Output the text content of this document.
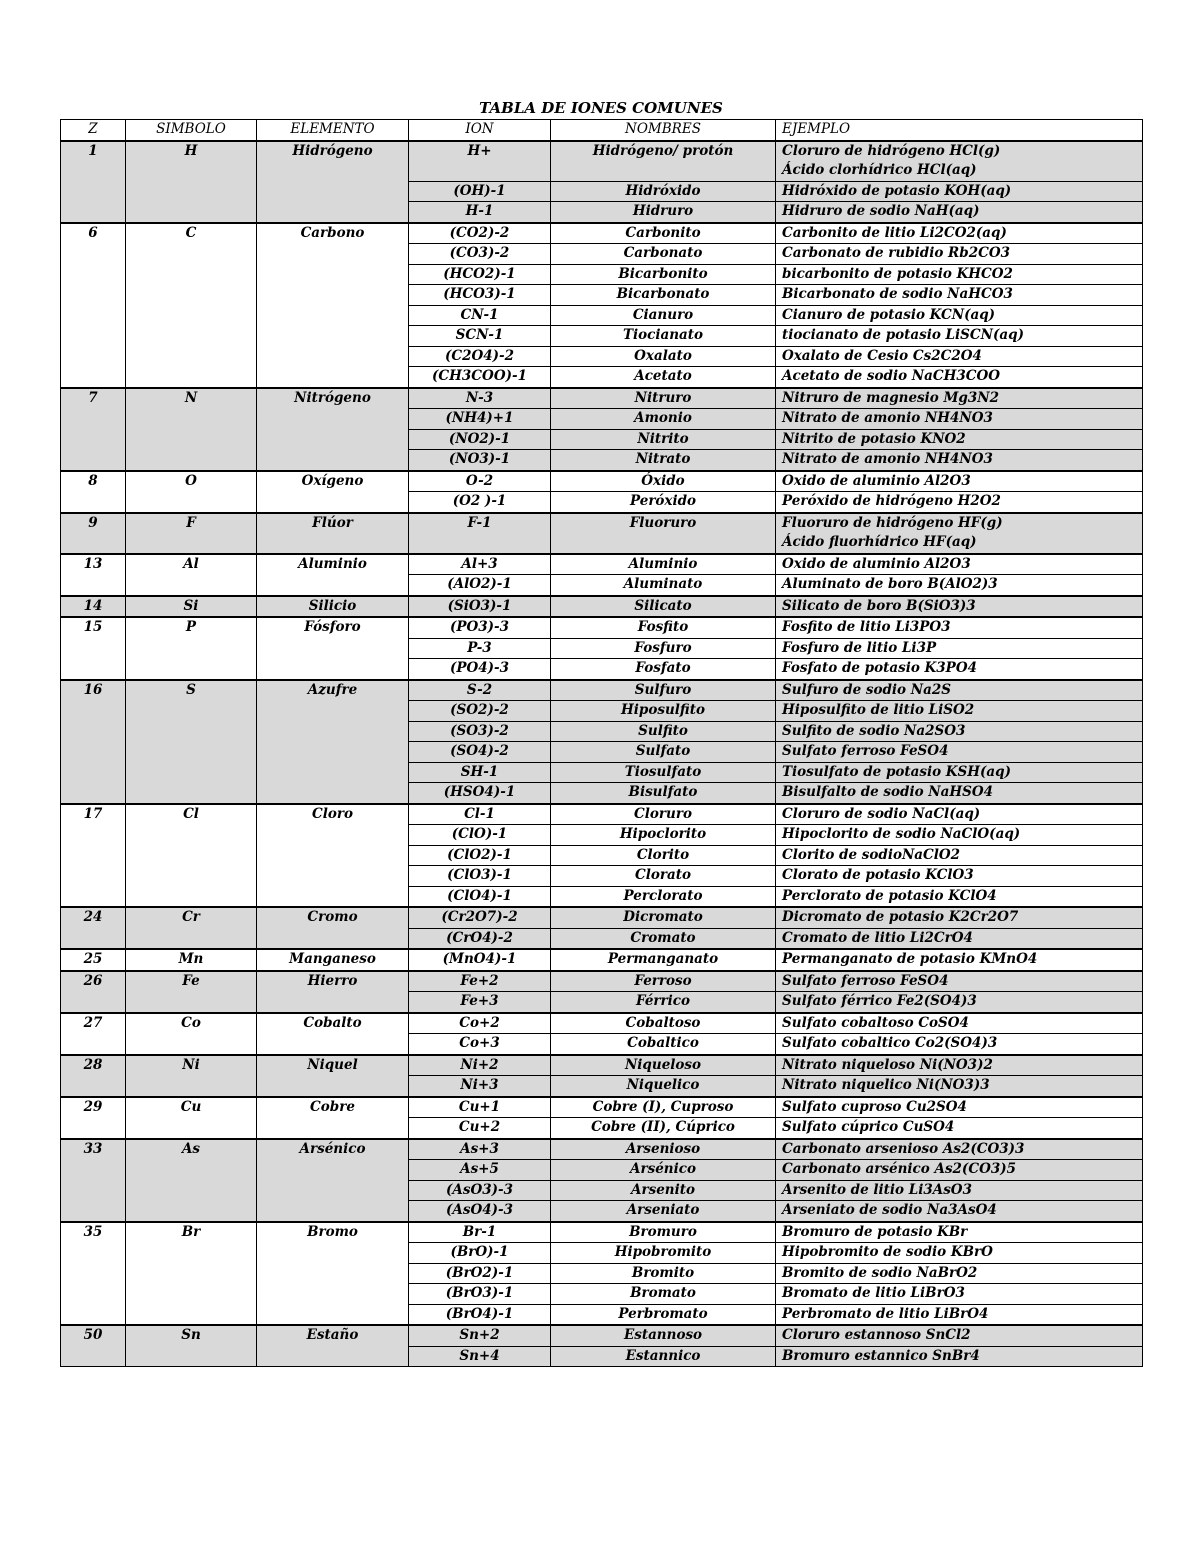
TABLA DE IONES COMUNES
Z	SIMBOLO	ELEMENTO	ION	NOMBRES	EJEMPLO
1	H	Hidrógeno	H+	Hidrógeno/ protón	Cloruro de hidrógeno HCl(g)
Ácido clorhídrico HCl(aq)

			(OH)-1	Hidróxido	Hidróxido de potasio KOH(aq)

			H-1	Hidruro	Hidruro de sodio NaH(aq)

6	C	Carbono	(CO2)-2	Carbonito	Carbonito de litio Li2CO2(aq)

			(CO3)-2	Carbonato	Carbonato de rubidio Rb2CO3

			(HCO2)-1	Bicarbonito	bicarbonito de potasio KHCO2

			(HCO3)-1	Bicarbonato	Bicarbonato de sodio NaHCO3

			CN-1	Cianuro	Cianuro de potasio KCN(aq)

			SCN-1	Tiocianato	tiocianato de potasio LiSCN(aq)

			(C2O4)-2	Oxalato	Oxalato de Cesio Cs2C2O4

			(CH3COO)-1	Acetato	Acetato de sodio NaCH3COO

7	N	Nitrógeno	N-3	Nitruro	Nitruro de magnesio Mg3N2

			(NH4)+1	Amonio	Nitrato de amonio NH4NO3

			(NO2)-1	Nitrito	Nitrito de potasio KNO2

			(NO3)-1	Nitrato	Nitrato de amonio NH4NO3

8	O	Oxígeno	O-2	Óxido	Oxido de aluminio Al2O3

			(O2 )-1	Peróxido	Peróxido de hidrógeno H2O2

9	F	Flúor	F-1	Fluoruro	Fluoruro de hidrógeno HF(g)
Ácido fluorhídrico HF(aq)

13	Al	Aluminio	Al+3	Aluminio	Oxido de aluminio Al2O3

			(AlO2)-1	Aluminato	Aluminato de boro B(AlO2)3

14	Si	Silicio	(SiO3)-1	Silicato	Silicato de boro B(SiO3)3

15	P	Fósforo	(PO3)-3	Fosfito	Fosfito de litio Li3PO3

			P-3	Fosfuro	Fosfuro de litio Li3P

			(PO4)-3	Fosfato	Fosfato de potasio K3PO4

16	S	Azufre	S-2	Sulfuro	Sulfuro de sodio Na2S

			(SO2)-2	Hiposulfito	Hiposulfito de litio LiSO2

			(SO3)-2	Sulfito	Sulfito de sodio Na2SO3

			(SO4)-2	Sulfato	Sulfato ferroso FeSO4

			SH-1	Tiosulfato	Tiosulfato de potasio KSH(aq)

			(HSO4)-1	Bisulfato	Bisulfalto de sodio NaHSO4

17	Cl	Cloro	Cl-1	Cloruro	Cloruro de sodio NaCl(aq)

			(ClO)-1	Hipoclorito	Hipoclorito de sodio NaClO(aq)

			(ClO2)-1	Clorito	Clorito de sodioNaClO2

			(ClO3)-1	Clorato	Clorato de potasio KClO3

			(ClO4)-1	Perclorato	Perclorato de potasio KClO4

24	Cr	Cromo	(Cr2O7)-2	Dicromato	Dicromato de potasio K2Cr2O7

			(CrO4)-2	Cromato	Cromato de litio Li2CrO4

25	Mn	Manganeso	(MnO4)-1	Permanganato	Permanganato de potasio KMnO4

26	Fe	Hierro	Fe+2	Ferroso	Sulfato ferroso FeSO4

			Fe+3	Férrico	Sulfato férrico Fe2(SO4)3

27	Co	Cobalto	Co+2	Cobaltoso	Sulfato cobaltoso CoSO4

			Co+3	Cobaltico	Sulfato cobaltico Co2(SO4)3

28	Ni	Niquel	Ni+2	Niqueloso	Nitrato niqueloso Ni(NO3)2

			Ni+3	Niquelico	Nitrato niquelico Ni(NO3)3

29	Cu	Cobre	Cu+1	Cobre (I), Cuproso	Sulfato cuproso Cu2SO4

			Cu+2	Cobre (II), Cúprico	Sulfato cúprico CuSO4

33	As	Arsénico	As+3	Arsenioso	Carbonato arsenioso As2(CO3)3

			As+5	Arsénico	Carbonato arsénico As2(CO3)5

			(AsO3)-3	Arsenito	Arsenito de litio Li3AsO3

			(AsO4)-3	Arseniato	Arseniato de sodio Na3AsO4

35	Br	Bromo	Br-1	Bromuro	Bromuro de potasio KBr

			(BrO)-1	Hipobromito	Hipobromito de sodio KBrO

			(BrO2)-1	Bromito	Bromito de sodio NaBrO2

			(BrO3)-1	Bromato	Bromato de litio LiBrO3

			(BrO4)-1	Perbromato	Perbromato de litio LiBrO4

50	Sn	Estaño	Sn+2	Estannoso	Cloruro estannoso SnCl2

			Sn+4	Estannico	Bromuro estannico SnBr4
